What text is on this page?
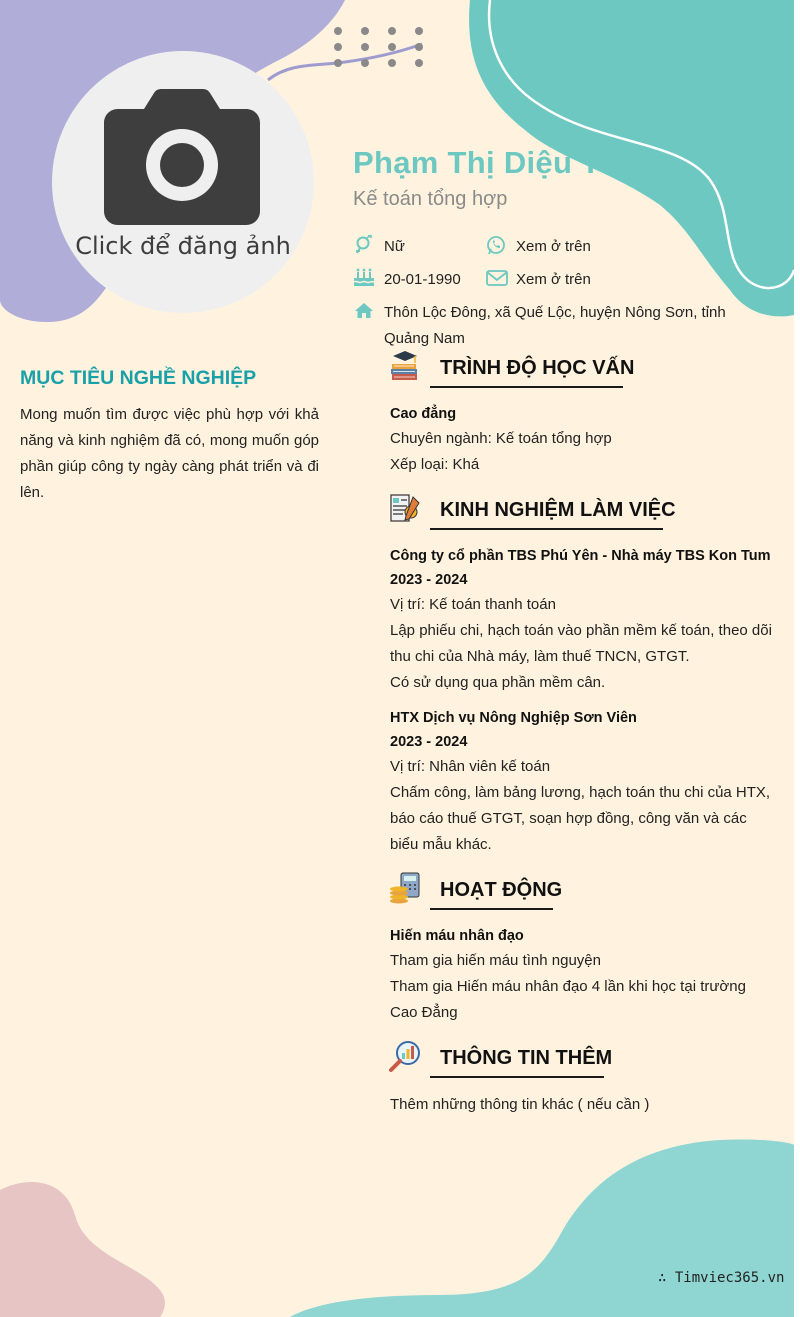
Click để đăng ảnh
Phạm Thị Diệu Thủy
Kế toán tổng hợp
Nữ	Xem ở trên
20-01-1990	Xem ở trên
Thôn Lộc Đông, xã Quế Lộc, huyện Nông Sơn, tỉnh
Quảng Nam
MỤC TIÊU NGHỀ NGHIỆP
Mong muốn tìm được việc phù hợp với khả năng và kinh nghiệm đã có, mong muốn góp phần giúp công ty ngày càng phát triển và đi lên.
TRÌNH ĐỘ HỌC VẤN
Cao đẳng
Chuyên ngành: Kế toán tổng hợp
Xếp loại: Khá
KINH NGHIỆM LÀM VIỆC
Công ty cổ phần TBS Phú Yên - Nhà máy TBS Kon Tum
2023 - 2024
Vị trí: Kế toán thanh toán
Lập phiếu chi, hạch toán vào phần mềm kế toán, theo dõi
thu chi của Nhà máy, làm thuế TNCN, GTGT.
Có sử dụng qua phần mềm cân.
HTX Dịch vụ Nông Nghiệp Sơn Viên
2023 - 2024
Vị trí: Nhân viên kế toán
Chấm công, làm bảng lương, hạch toán thu chi của HTX,
báo cáo thuế GTGT, soạn hợp đồng, công văn và các
biểu mẫu khác.
HOẠT ĐỘNG
Hiến máu nhân đạo
Tham gia hiến máu tình nguyện
Tham gia Hiến máu nhân đạo 4 lần khi học tại trường
Cao Đẳng
THÔNG TIN THÊM
Thêm những thông tin khác ( nếu cần )
∴ Timviec365.vn
